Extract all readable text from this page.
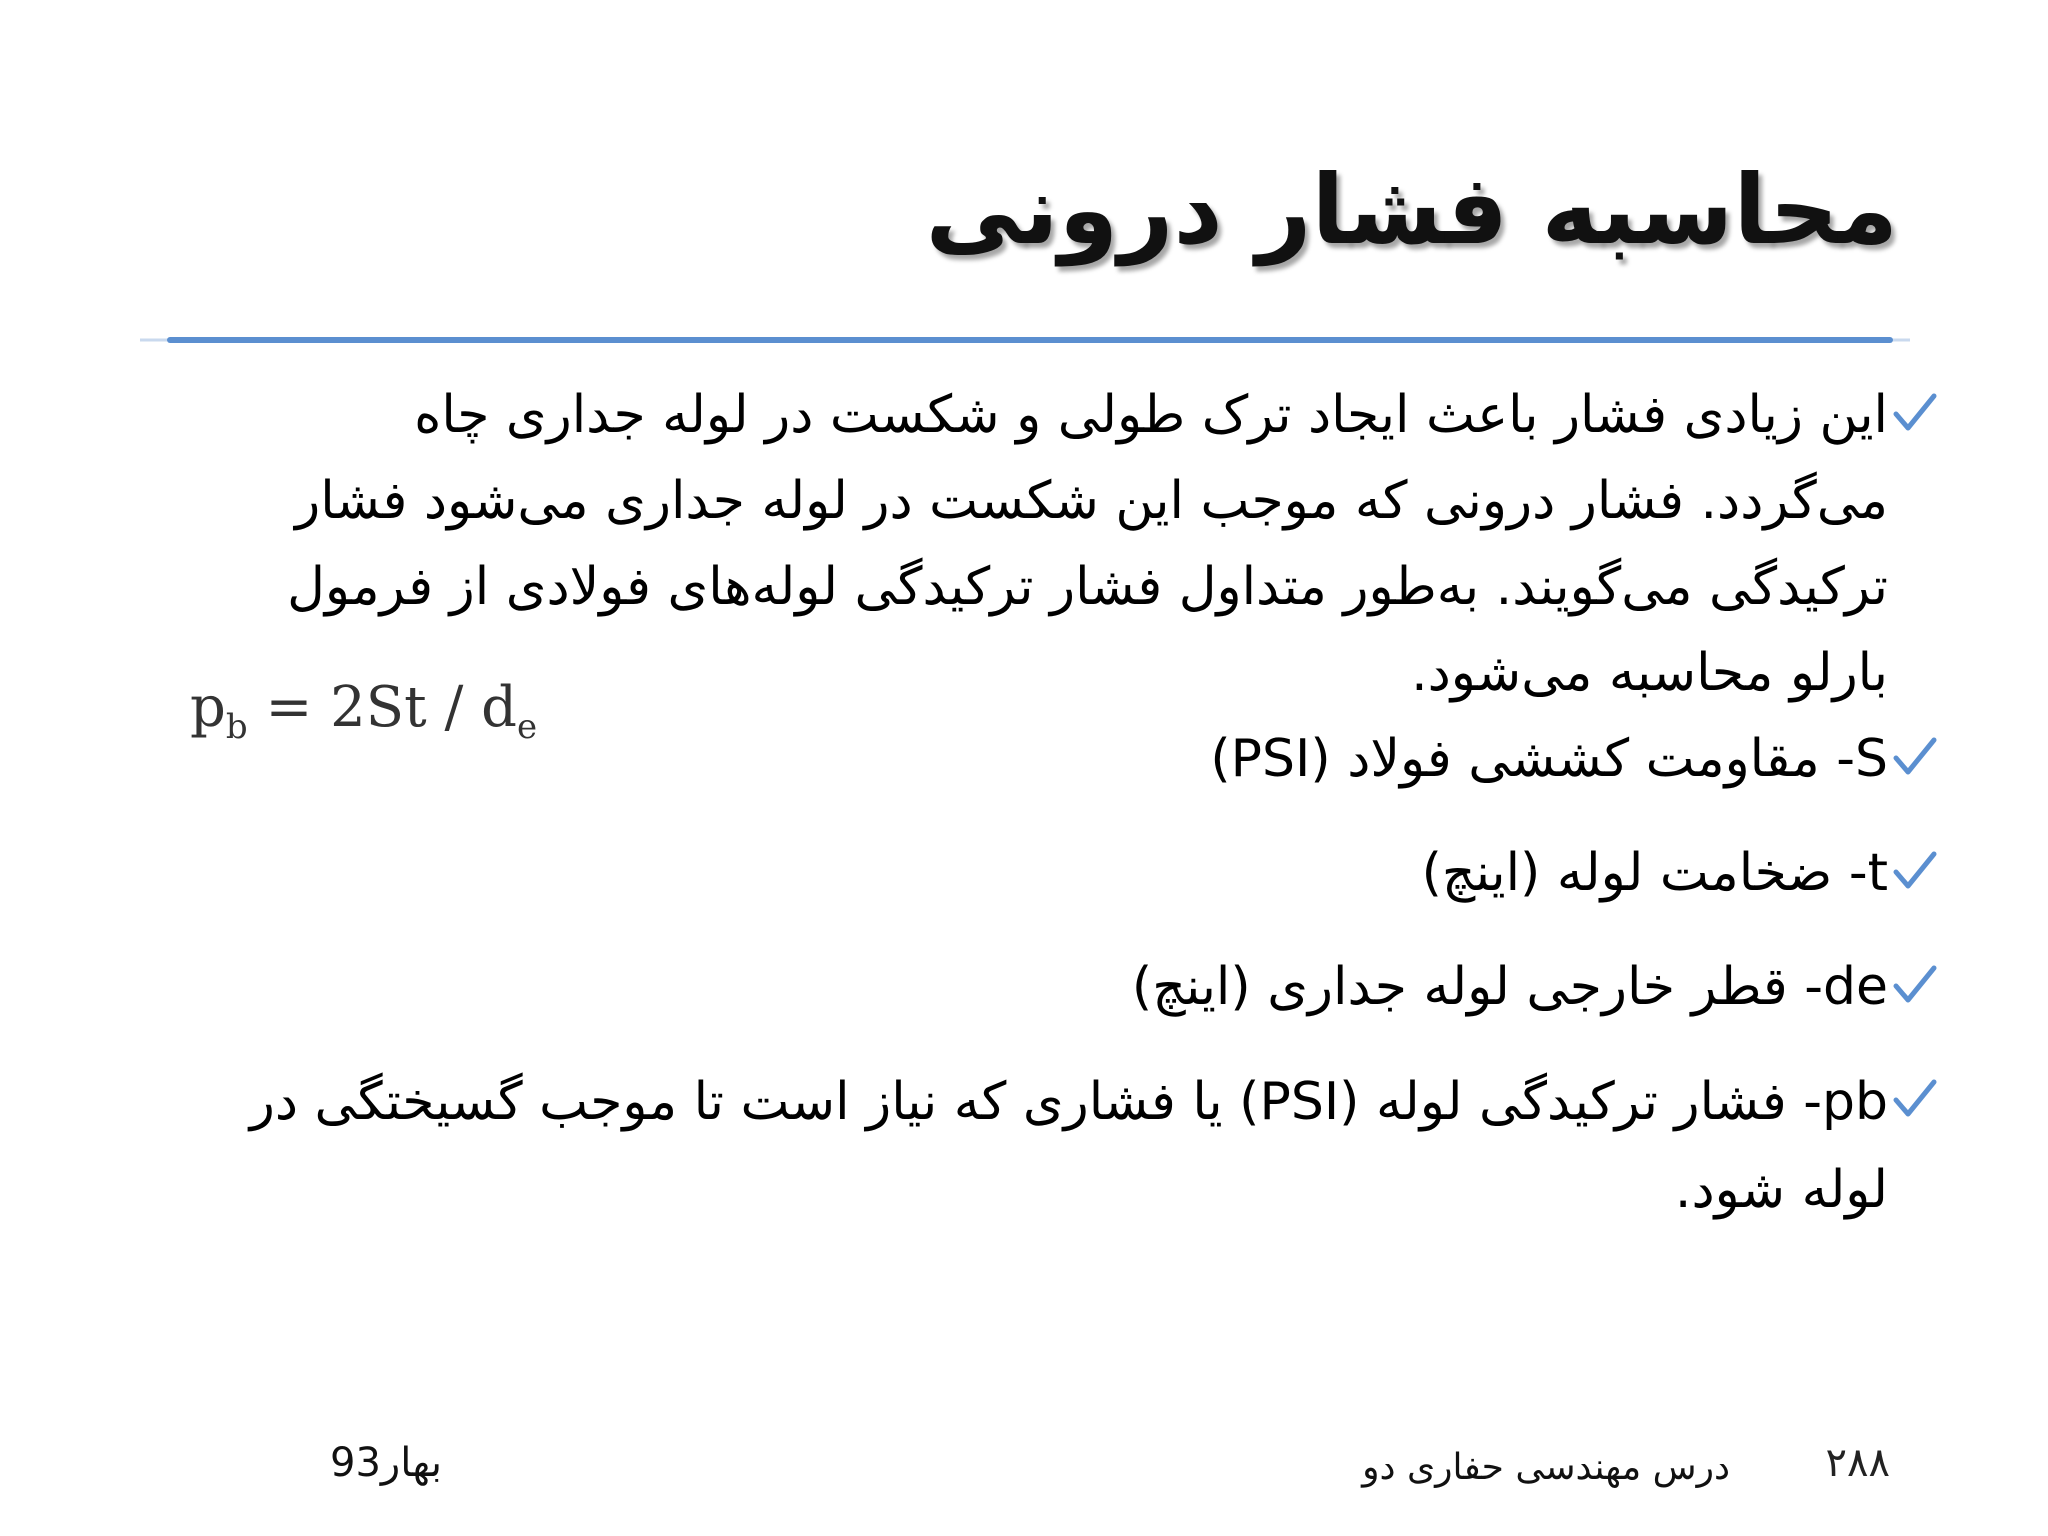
محاسبه فشار درونی
این زیادی فشار باعث ایجاد ترک طولی و شکست در لوله جداری چاه می‌گردد. فشار درونی که موجب این شکست در لوله جداری می‌شود فشار ترکیدگی می‌گویند. به‌طور متداول فشار ترکیدگی لوله‌های فولادی از فرمول بارلو محاسبه می‌شود.
S- مقاومت کششی فولاد (PSI)
t- ضخامت لوله (اینچ)
de- قطر خارجی لوله جداری (اینچ)
pb- فشار ترکیدگی لوله (PSI) یا فشاری که نیاز است تا موجب گسیختگی در لوله شود.
$p_b = 2St / d_e$
۲۸۸
درس مهندسی حفاری دو
بهار93
